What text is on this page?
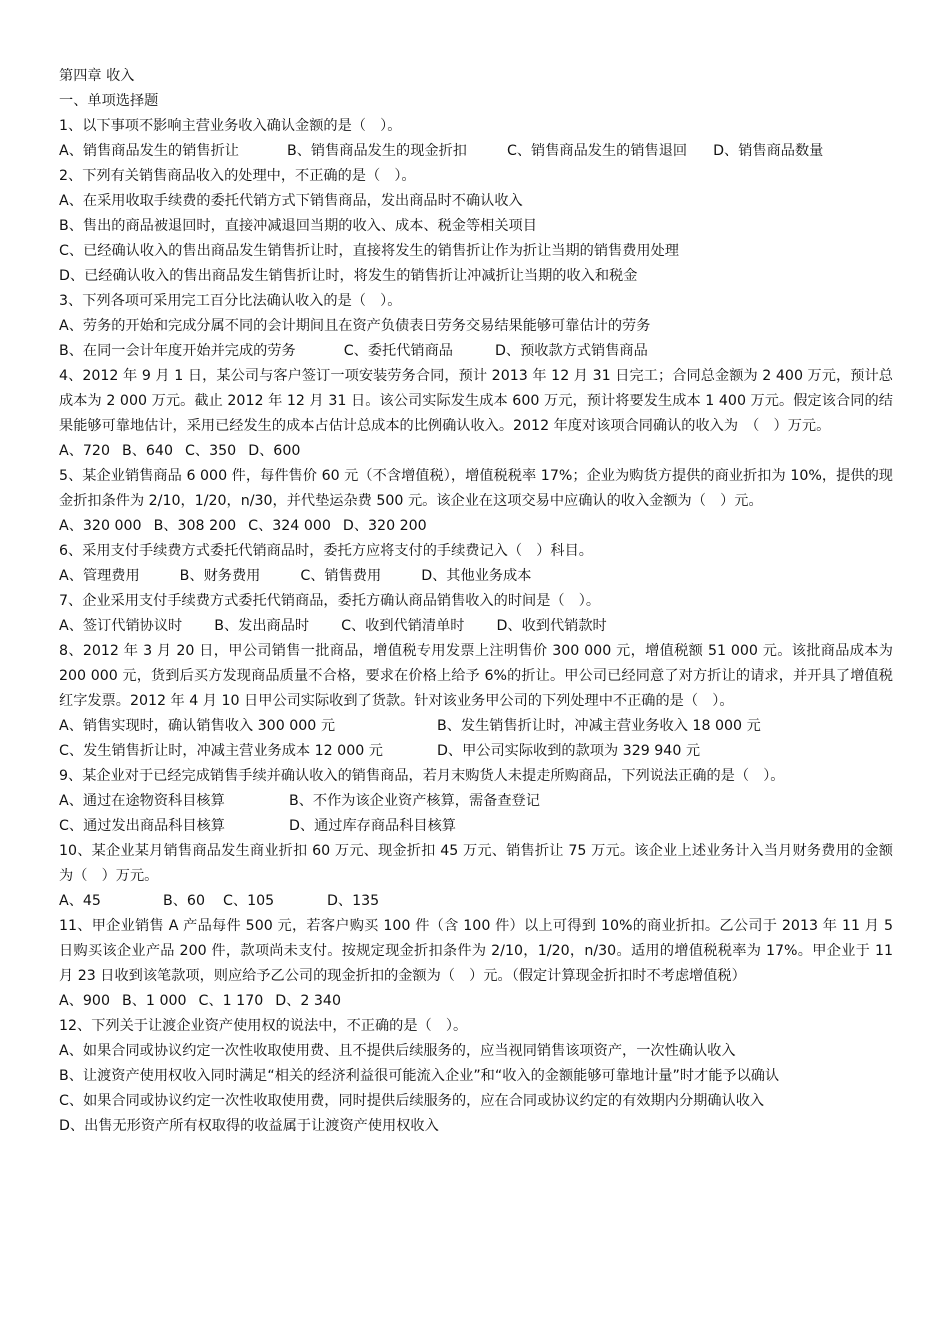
第四章 收入
一、单项选择题
1、以下事项不影响主营业务收入确认金额的是（　）。
A、销售商品发生的销售折让	B、销售商品发生的现金折扣	C、销售商品发生的销售退回 D、销售商品数量
2、下列有关销售商品收入的处理中，不正确的是（　）。
A、在采用收取手续费的委托代销方式下销售商品，发出商品时不确认收入
B、售出的商品被退回时，直接冲减退回当期的收入、成本、税金等相关项目
C、已经确认收入的售出商品发生销售折让时，直接将发生的销售折让作为折让当期的销售费用处理
D、已经确认收入的售出商品发生销售折让时，将发生的销售折让冲减折让当期的收入和税金
3、下列各项可采用完工百分比法确认收入的是（　）。
A、劳务的开始和完成分属不同的会计期间且在资产负债表日劳务交易结果能够可靠估计的劳务
B、在同一会计年度开始并完成的劳务	C、委托代销商品	D、预收款方式销售商品
4、2012 年 9 月 1 日，某公司与客户签订一项安装劳务合同，预计 2013 年 12 月 31 日完工；合同总金额为 2 400 万元，预计总成本为 2 000 万元。截止 2012 年 12 月 31 日。该公司实际发生成本 600 万元，预计将要发生成本 1 400 万元。假定该合同的结果能够可靠地估计，采用已经发生的成本占估计总成本的比例确认收入。2012 年度对该项合同确认的收入为　（　）万元。
A、720 B、640 C、350 D、600
5、某企业销售商品 6 000 件，每件售价 60 元（不含增值税），增值税税率 17%；企业为购货方提供的商业折扣为 10%，提供的现金折扣条件为 2/10，1/20，n/30，并代垫运杂费 500 元。该企业在这项交易中应确认的收入金额为（　）元。
A、320 000 B、308 200 C、324 000 D、320 200
6、采用支付手续费方式委托代销商品时，委托方应将支付的手续费记入（　）科目。
A、管理费用	B、财务费用	C、销售费用	D、其他业务成本
7、企业采用支付手续费方式委托代销商品，委托方确认商品销售收入的时间是（　）。
A、签订代销协议时 B、发出商品时 C、收到代销清单时 D、收到代销款时
8、2012 年 3 月 20 日，甲公司销售一批商品，增值税专用发票上注明售价 300 000 元，增值税额 51 000 元。该批商品成本为 200 000 元，货到后买方发现商品质量不合格，要求在价格上给予 6%的折让。甲公司已经同意了对方折让的请求，并开具了增值税红字发票。2012 年 4 月 10 日甲公司实际收到了货款。针对该业务甲公司的下列处理中不正确的是（　）。
A、销售实现时，确认销售收入 300 000 元	B、发生销售折让时，冲减主营业务收入 18 000 元
C、发生销售折让时，冲减主营业务成本 12 000 元	D、甲公司实际收到的款项为 329 940 元
9、某企业对于已经完成销售手续并确认收入的销售商品，若月末购货人未提走所购商品，下列说法正确的是（　）。
A、通过在途物资科目核算	B、不作为该企业资产核算，需备查登记
C、通过发出商品科目核算	D、通过库存商品科目核算
10、某企业某月销售商品发生商业折扣 60 万元、现金折扣 45 万元、销售折让 75 万元。该企业上述业务计入当月财务费用的金额为（　）万元。
A、45	B、60 C、105	D、135
11、甲企业销售 A 产品每件 500 元，若客户购买 100 件（含 100 件）以上可得到 10%的商业折扣。乙公司于 2013 年 11 月 5 日购买该企业产品 200 件，款项尚未支付。按规定现金折扣条件为 2/10，1/20，n/30。适用的增值税税率为 17%。甲企业于 11 月 23 日收到该笔款项，则应给予乙公司的现金折扣的金额为（　）元。（假定计算现金折扣时不考虑增值税）
A、900 B、1 000 C、1 170 D、2 340
12、下列关于让渡企业资产使用权的说法中，不正确的是（　）。
A、如果合同或协议约定一次性收取使用费、且不提供后续服务的，应当视同销售该项资产，一次性确认收入
B、让渡资产使用权收入同时满足“相关的经济利益很可能流入企业”和“收入的金额能够可靠地计量”时才能予以确认
C、如果合同或协议约定一次性收取使用费，同时提供后续服务的，应在合同或协议约定的有效期内分期确认收入
D、出售无形资产所有权取得的收益属于让渡资产使用权收入
